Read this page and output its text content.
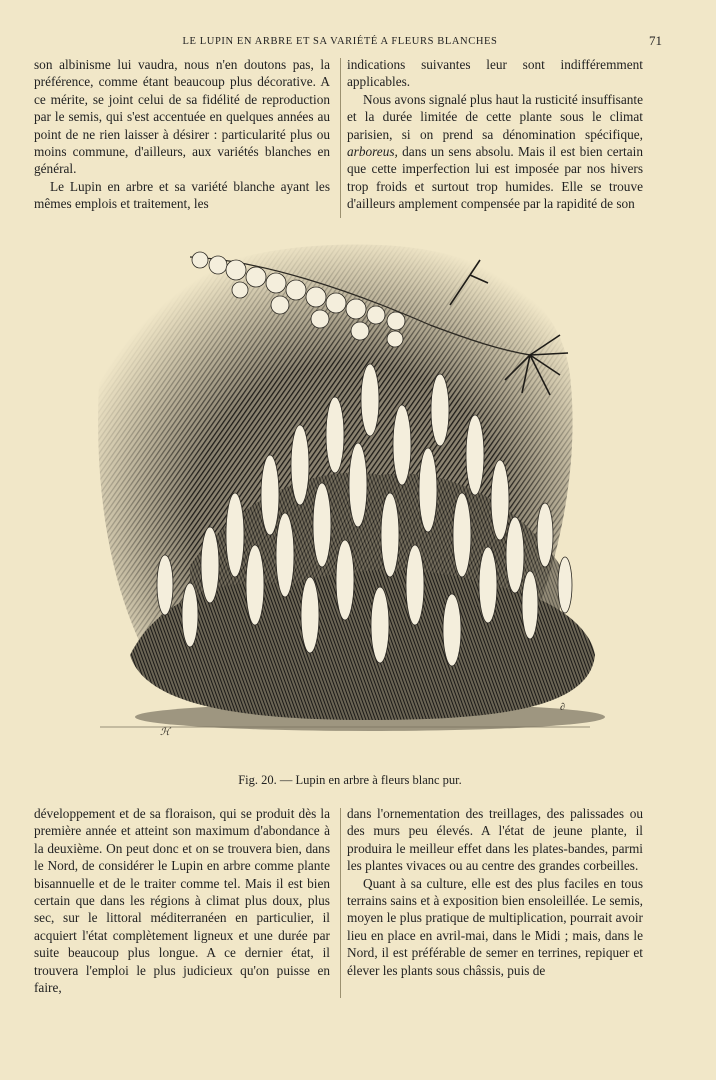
LE LUPIN EN ARBRE ET SA VARIÉTÉ A FLEURS BLANCHES	71

son albinisme lui vaudra, nous n'en doutons pas, la préférence, comme étant beaucoup plus décorative. A ce mérite, se joint celui de sa fidélité de reproduction par le semis, qui s'est accentuée en quelques années au point de ne rien laisser à désirer : particularité plus ou moins commune, d'ailleurs, aux variétés blanches en général.

Le Lupin en arbre et sa variété blanche ayant les mêmes emplois et traitement, les

indications suivantes leur sont indifféremment applicables.

Nous avons signalé plus haut la rusticité insuffisante et la durée limitée de cette plante sous le climat parisien, si on prend sa dénomination spécifique, arboreus, dans un sens absolu. Mais il est bien certain que cette imperfection lui est imposée par nos hivers trop froids et surtout trop humides. Elle se trouve d'ailleurs amplement compensée par la rapidité de son

ℋ
∂
Fig. 20. — Lupin en arbre à fleurs blanc pur.

développement et de sa floraison, qui se produit dès la première année et atteint son maximum d'abondance à la deuxième. On peut donc et on se trouvera bien, dans le Nord, de considérer le Lupin en arbre comme plante bisannuelle et de le traiter comme tel. Mais il est bien certain que dans les régions à climat plus doux, plus sec, sur le littoral méditerranéen en particulier, il acquiert l'état complètement ligneux et une durée par suite beaucoup plus longue. A ce dernier état, il trouvera l'emploi le plus judicieux qu'on puisse en faire,

dans l'ornementation des treillages, des palissades ou des murs peu élevés. A l'état de jeune plante, il produira le meilleur effet dans les plates-bandes, parmi les plantes vivaces ou au centre des grandes corbeilles.

Quant à sa culture, elle est des plus faciles en tous terrains sains et à exposition bien ensoleillée. Le semis, moyen le plus pratique de multiplication, pourrait avoir lieu en place en avril-mai, dans le Midi ; mais, dans le Nord, il est préférable de semer en terrines, repiquer et élever les plants sous châssis, puis de
